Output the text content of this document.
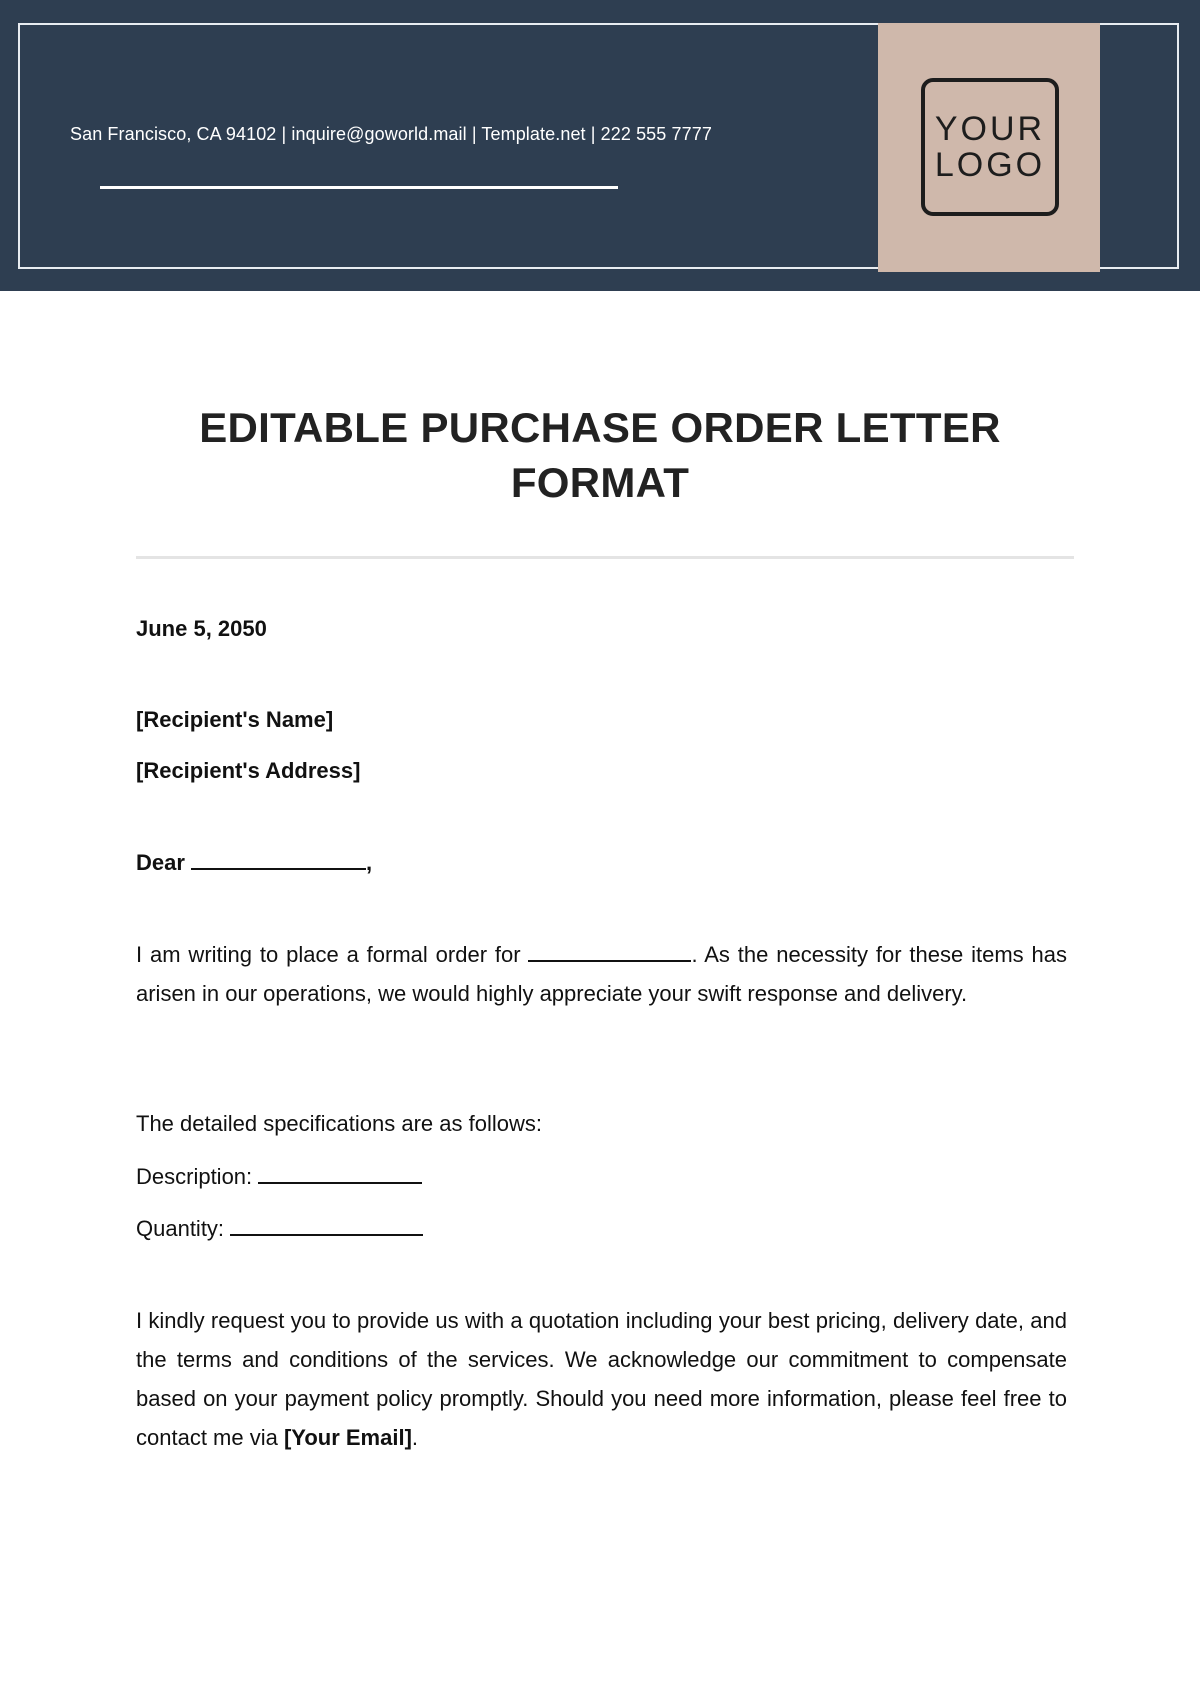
San Francisco, CA 94102 | inquire@goworld.mail | Template.net | 222 555 7777	YOUR
LOGO
EDITABLE PURCHASE ORDER LETTER FORMAT
June 5, 2050
[Recipient's Name]
[Recipient's Address]
Dear	,
I am writing to place a formal order for	. As the necessity for these items has arisen in our operations, we would highly appreciate your swift response and delivery.
The detailed specifications are as follows:
Description:
Quantity:
I kindly request you to provide us with a quotation including your best pricing, delivery date, and the terms and conditions of the services. We acknowledge our commitment to compensate based on your payment policy promptly. Should you need more information, please feel free to contact me via [Your Email].
